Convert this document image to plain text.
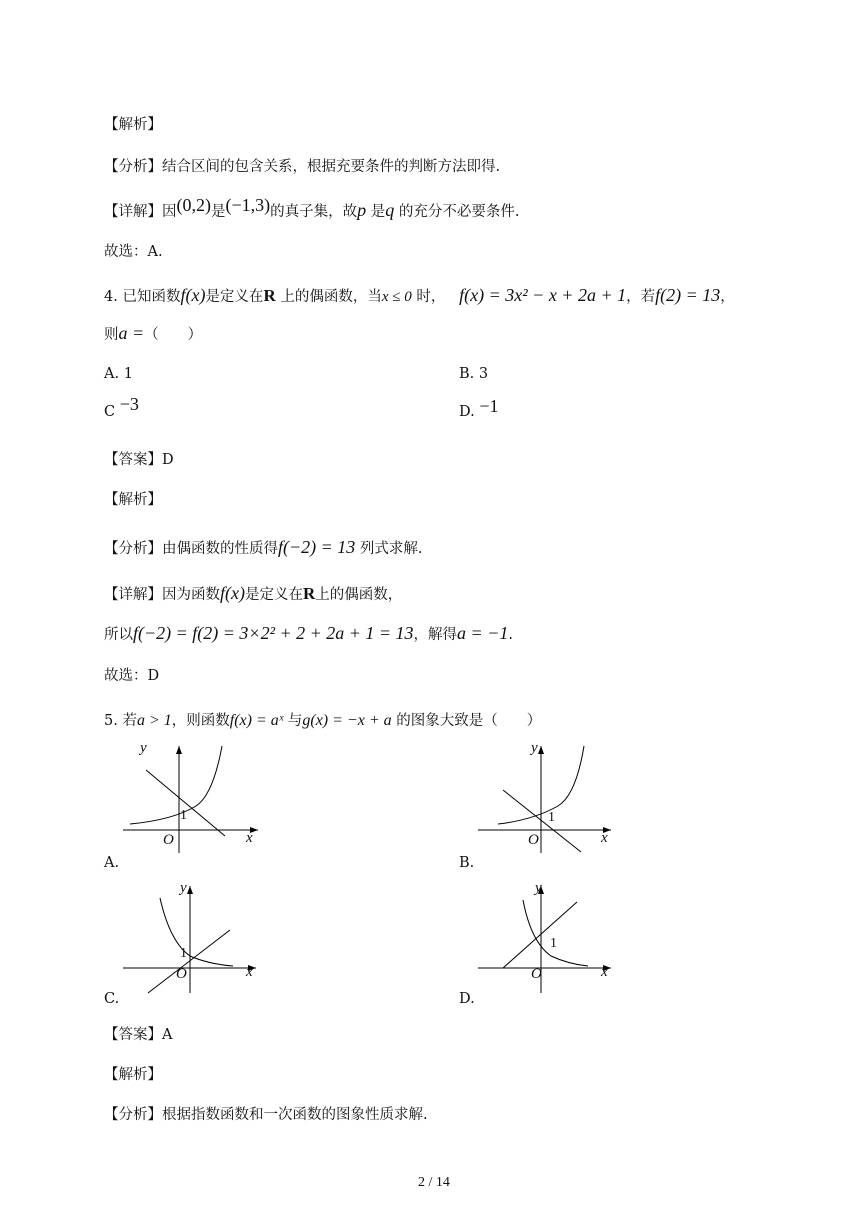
【解析】
【分析】结合区间的包含关系，根据充要条件的判断方法即得.
【详解】因(0,2)是(−1,3)的真子集，故p 是q 的充分不必要条件.
故选：A.
4. 已知函数f(x)是定义在R 上的偶函数，当x ≤ 0 时， f(x) = 3x² − x + 2a + 1，若f(2) = 13，
则a =（　　）
A. 1	B. 3
C −3	D. −1
【答案】D
【解析】
【分析】由偶函数的性质得f(−2) = 13 列式求解.
【详解】因为函数f(x)是定义在R上的偶函数，
所以f(−2) = f(2) = 3×2² + 2 + 2a + 1 = 13，解得a = −1.
故选：D
5. 若a > 1，则函数f(x) = aˣ 与g(x) = −x + a 的图象大致是（　　）
y
x
O
1
A.
y
x
O
1
B.
y
x
O
1
C.
y
x
O
1
D.
【答案】A
【解析】
【分析】根据指数函数和一次函数的图象性质求解.
2 / 14
